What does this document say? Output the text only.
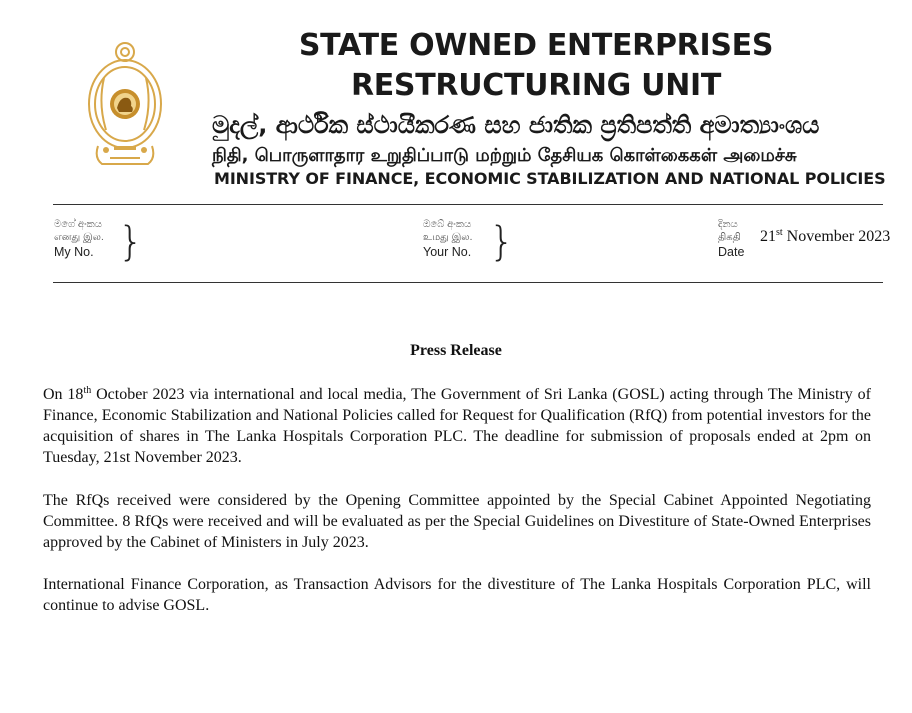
STATE OWNED ENTERPRISES
RESTRUCTURING UNIT
මුදල්, ආර්ථික ස්ථායීකරණ සහ ජාතික ප්‍රතිපත්ති අමාත්‍යාංශය
நிதி, பொருளாதார உறுதிப்பாடு மற்றும் தேசியக கொள்கைகள் அமைச்சு
MINISTRY OF FINANCE, ECONOMIC STABILIZATION AND NATIONAL POLICIES
මගේ අංකය
எனது இல.
My No. }	ඔබේ අංකය
உமது இல.
Your No. }	දිනය
திகதி
Date
21st November 2023
Press Release
On 18th October 2023 via international and local media, The Government of Sri Lanka (GOSL) acting through The Ministry of Finance, Economic Stabilization and National Policies called for Request for Qualification (RfQ) from potential investors for the acquisition of shares in The Lanka Hospitals Corporation PLC. The deadline for submission of proposals ended at 2pm on Tuesday, 21st November 2023.
The RfQs received were considered by the Opening Committee appointed by the Special Cabinet Appointed Negotiating Committee. 8 RfQs were received and will be evaluated as per the Special Guidelines on Divestiture of State-Owned Enterprises approved by the Cabinet of Ministers in July 2023.
International Finance Corporation, as Transaction Advisors for the divestiture of The Lanka Hospitals Corporation PLC, will continue to advise GOSL.
